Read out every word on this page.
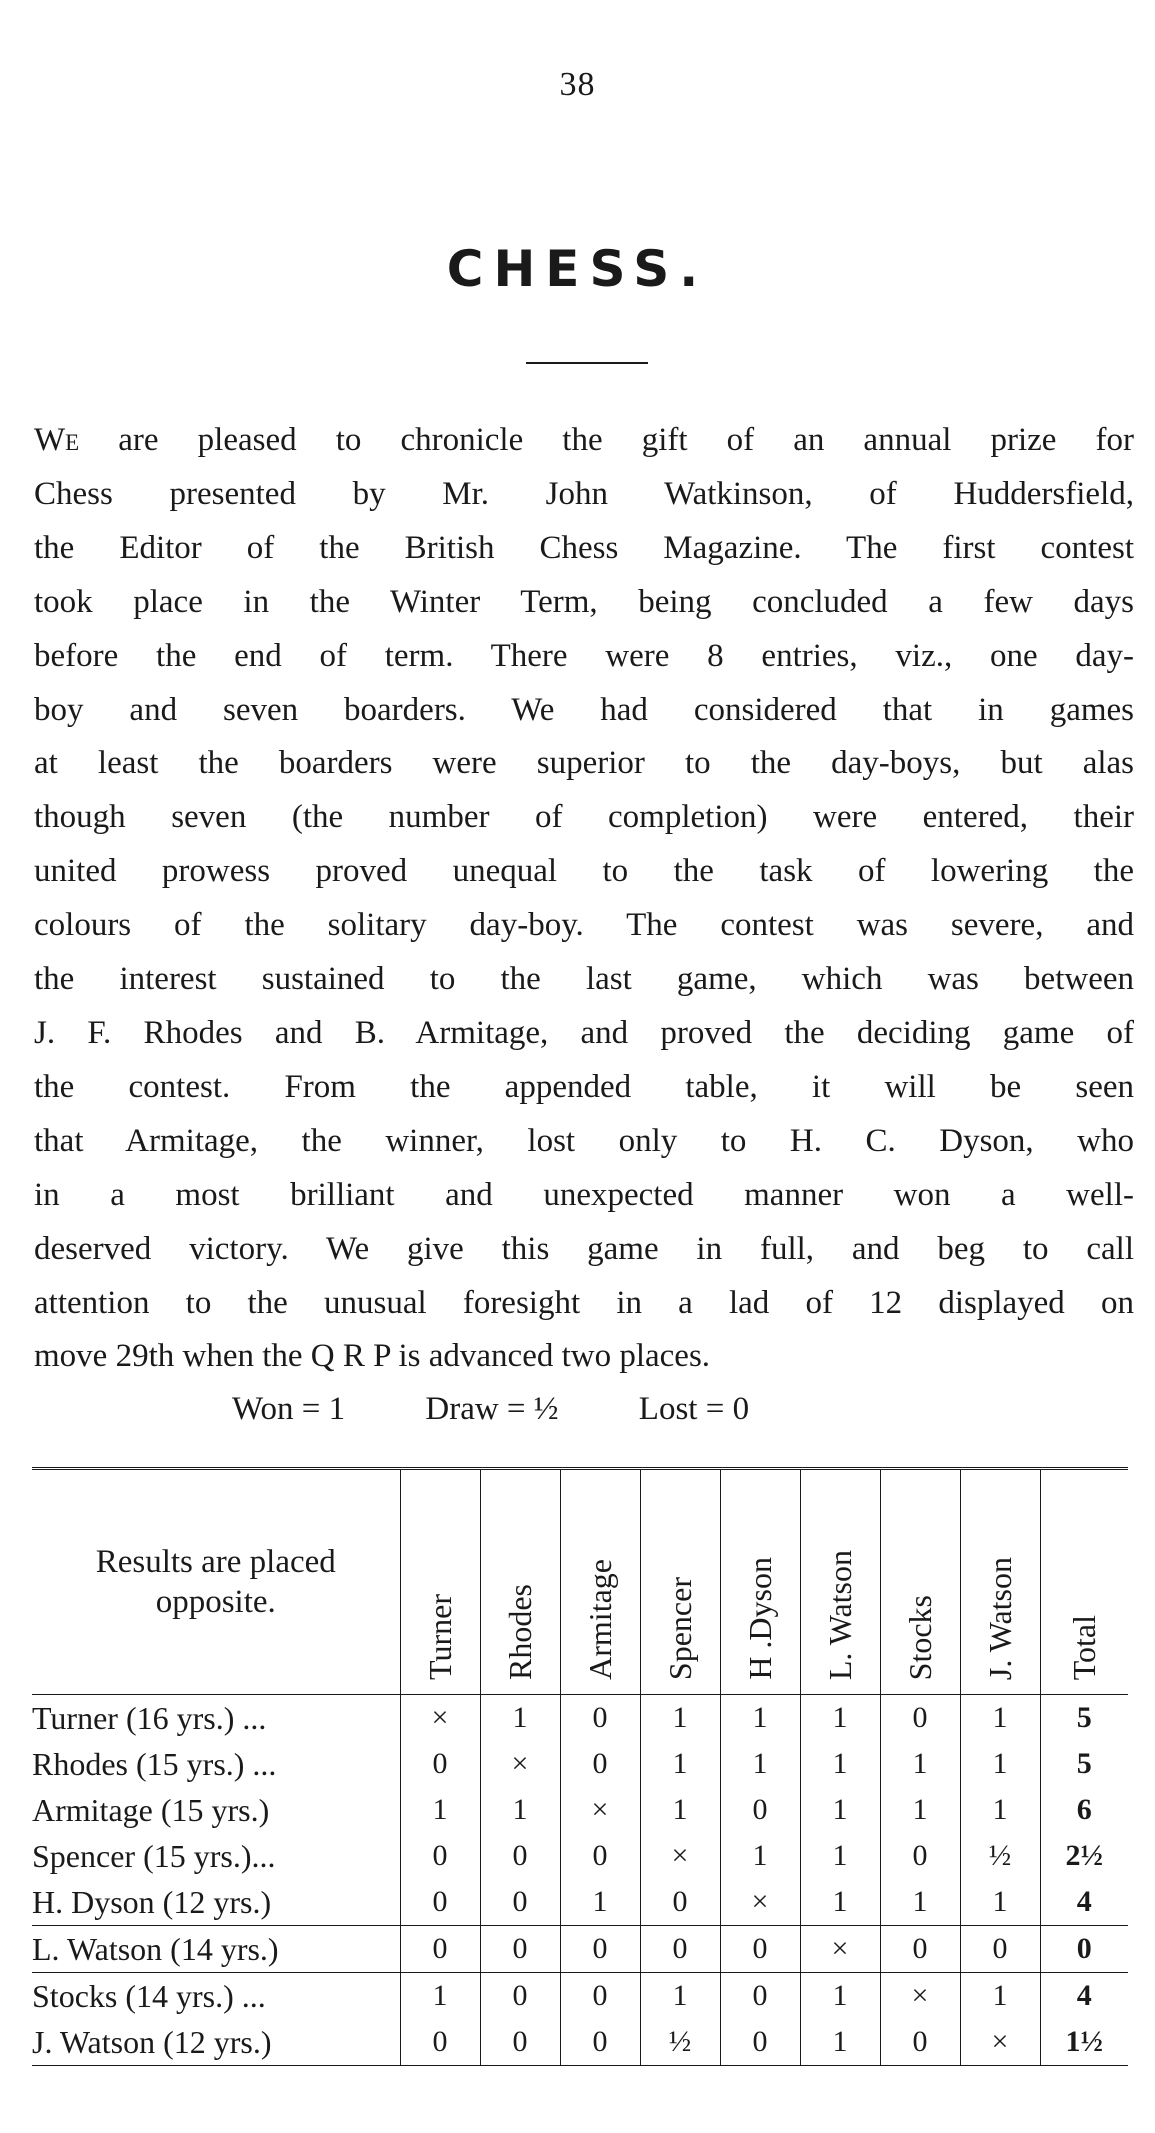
38
CHESS.
We are pleased to chronicle the gift of an annual prize for
Chess presented by Mr. John Watkinson, of Huddersfield,
the Editor of the British Chess Magazine. The first contest
took place in the Winter Term, being concluded a few days
before the end of term. There were 8 entries, viz., one day-
boy and seven boarders. We had considered that in games
at least the boarders were superior to the day-boys, but alas
though seven (the number of completion) were entered, their
united prowess proved unequal to the task of lowering the
colours of the solitary day-boy. The contest was severe, and
the interest sustained to the last game, which was between
J. F. Rhodes and B. Armitage, and proved the deciding game of
the contest. From the appended table, it will be seen
that Armitage, the winner, lost only to H. C. Dyson, who
in a most brilliant and unexpected manner won a well-
deserved victory. We give this game in full, and beg to call
attention to the unusual foresight in a lad of 12 displayed on
move 29th when the Q R P is advanced two places.
Won = 1 Draw = ½ Lost = 0
Results are placed opposite.	Turner	Rhodes	Armitage	Spencer	H .Dyson	L. Watson	Stocks	J. Watson	Total

Turner (16 yrs.) ...	×	1	0	1	1	1	0	1	5
Rhodes (15 yrs.) ...	0	×	0	1	1	1	1	1	5
Armitage (15 yrs.)	1	1	×	1	0	1	1	1	6
Spencer (15 yrs.)...	0	0	0	×	1	1	0	½	2½
H. Dyson (12 yrs.)	0	0	1	0	×	1	1	1	4
L. Watson (14 yrs.)	0	0	0	0	0	×	0	0	0
Stocks (14 yrs.) ...	1	0	0	1	0	1	×	1	4
J. Watson (12 yrs.)	0	0	0	½	0	1	0	×	1½
